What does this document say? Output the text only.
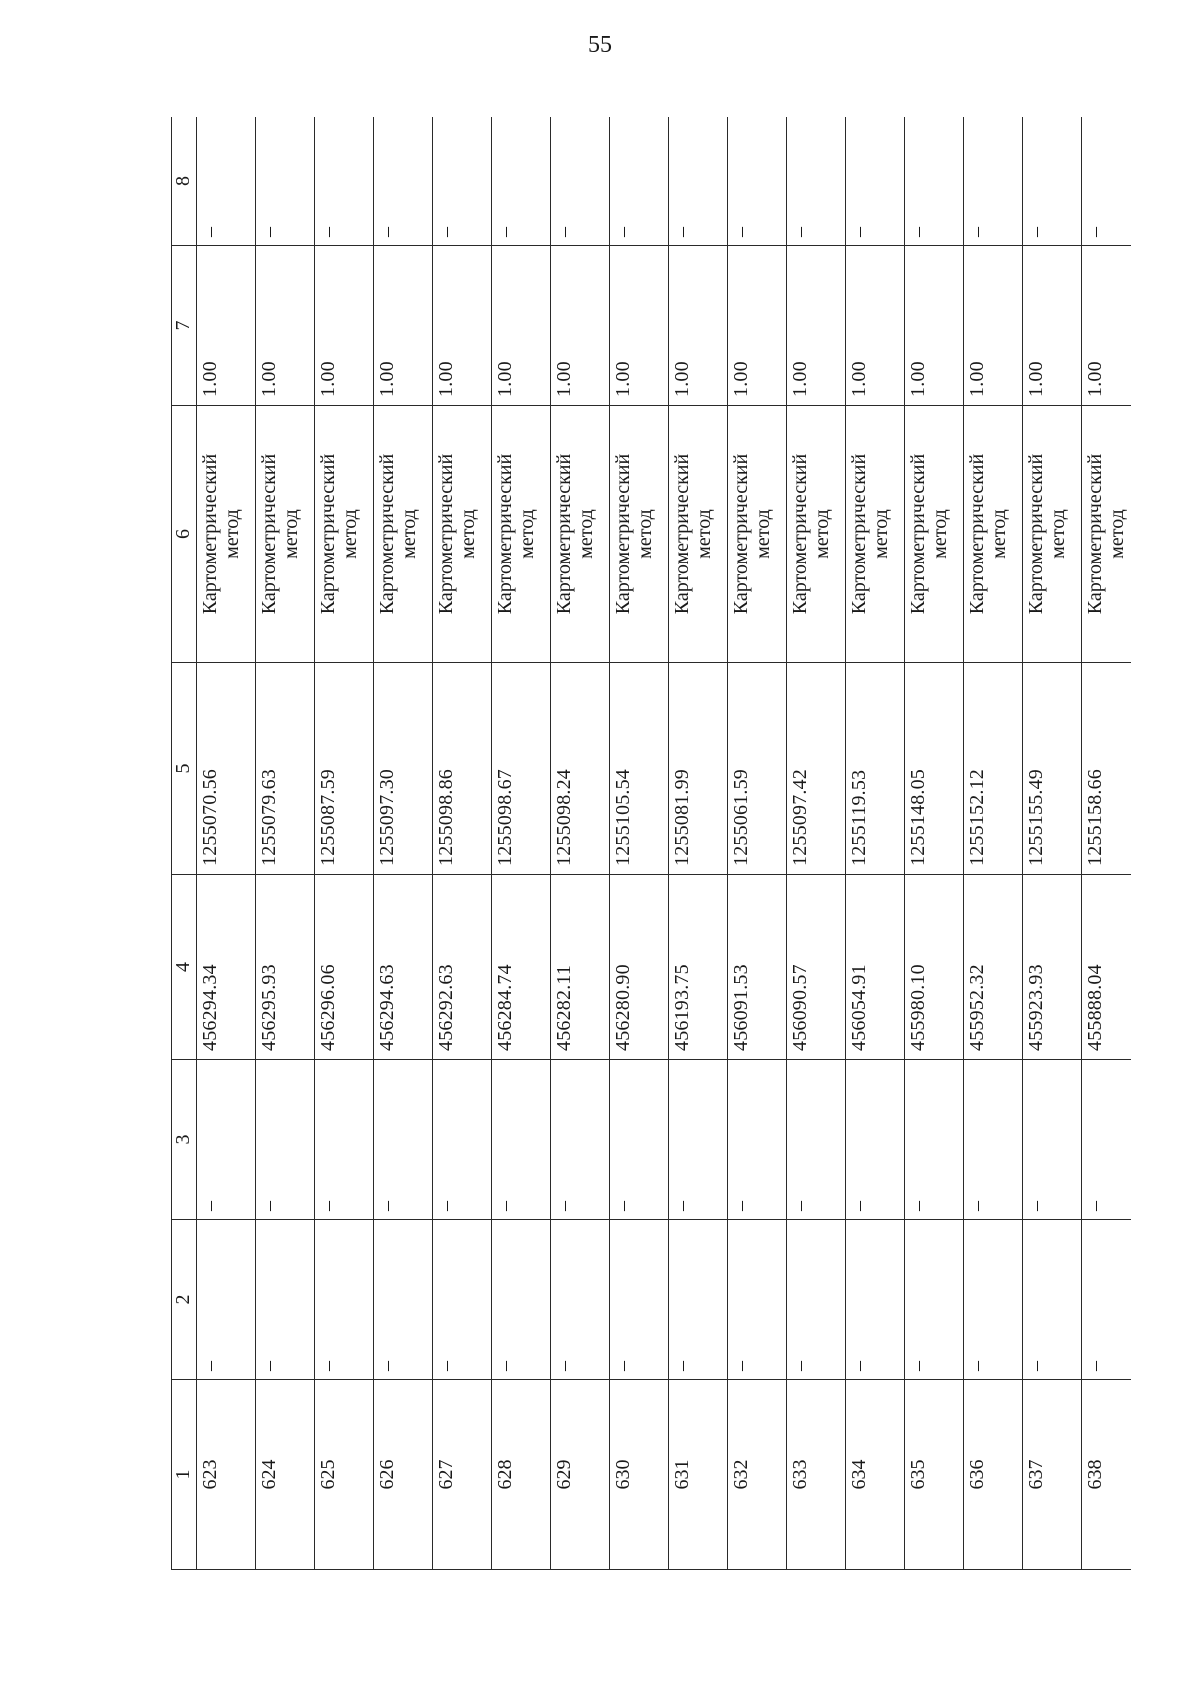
55
1	2	3	4	5	6	7	8
623	–	–	456294.34	1255070.56	Картометрический метод	1.00	–
624	–	–	456295.93	1255079.63	Картометрический метод	1.00	–
625	–	–	456296.06	1255087.59	Картометрический метод	1.00	–
626	–	–	456294.63	1255097.30	Картометрический метод	1.00	–
627	–	–	456292.63	1255098.86	Картометрический метод	1.00	–
628	–	–	456284.74	1255098.67	Картометрический метод	1.00	–
629	–	–	456282.11	1255098.24	Картометрический метод	1.00	–
630	–	–	456280.90	1255105.54	Картометрический метод	1.00	–
631	–	–	456193.75	1255081.99	Картометрический метод	1.00	–
632	–	–	456091.53	1255061.59	Картометрический метод	1.00	–
633	–	–	456090.57	1255097.42	Картометрический метод	1.00	–
634	–	–	456054.91	1255119.53	Картометрический метод	1.00	–
635	–	–	455980.10	1255148.05	Картометрический метод	1.00	–
636	–	–	455952.32	1255152.12	Картометрический метод	1.00	–
637	–	–	455923.93	1255155.49	Картометрический метод	1.00	–
638	–	–	455888.04	1255158.66	Картометрический метод	1.00	–
